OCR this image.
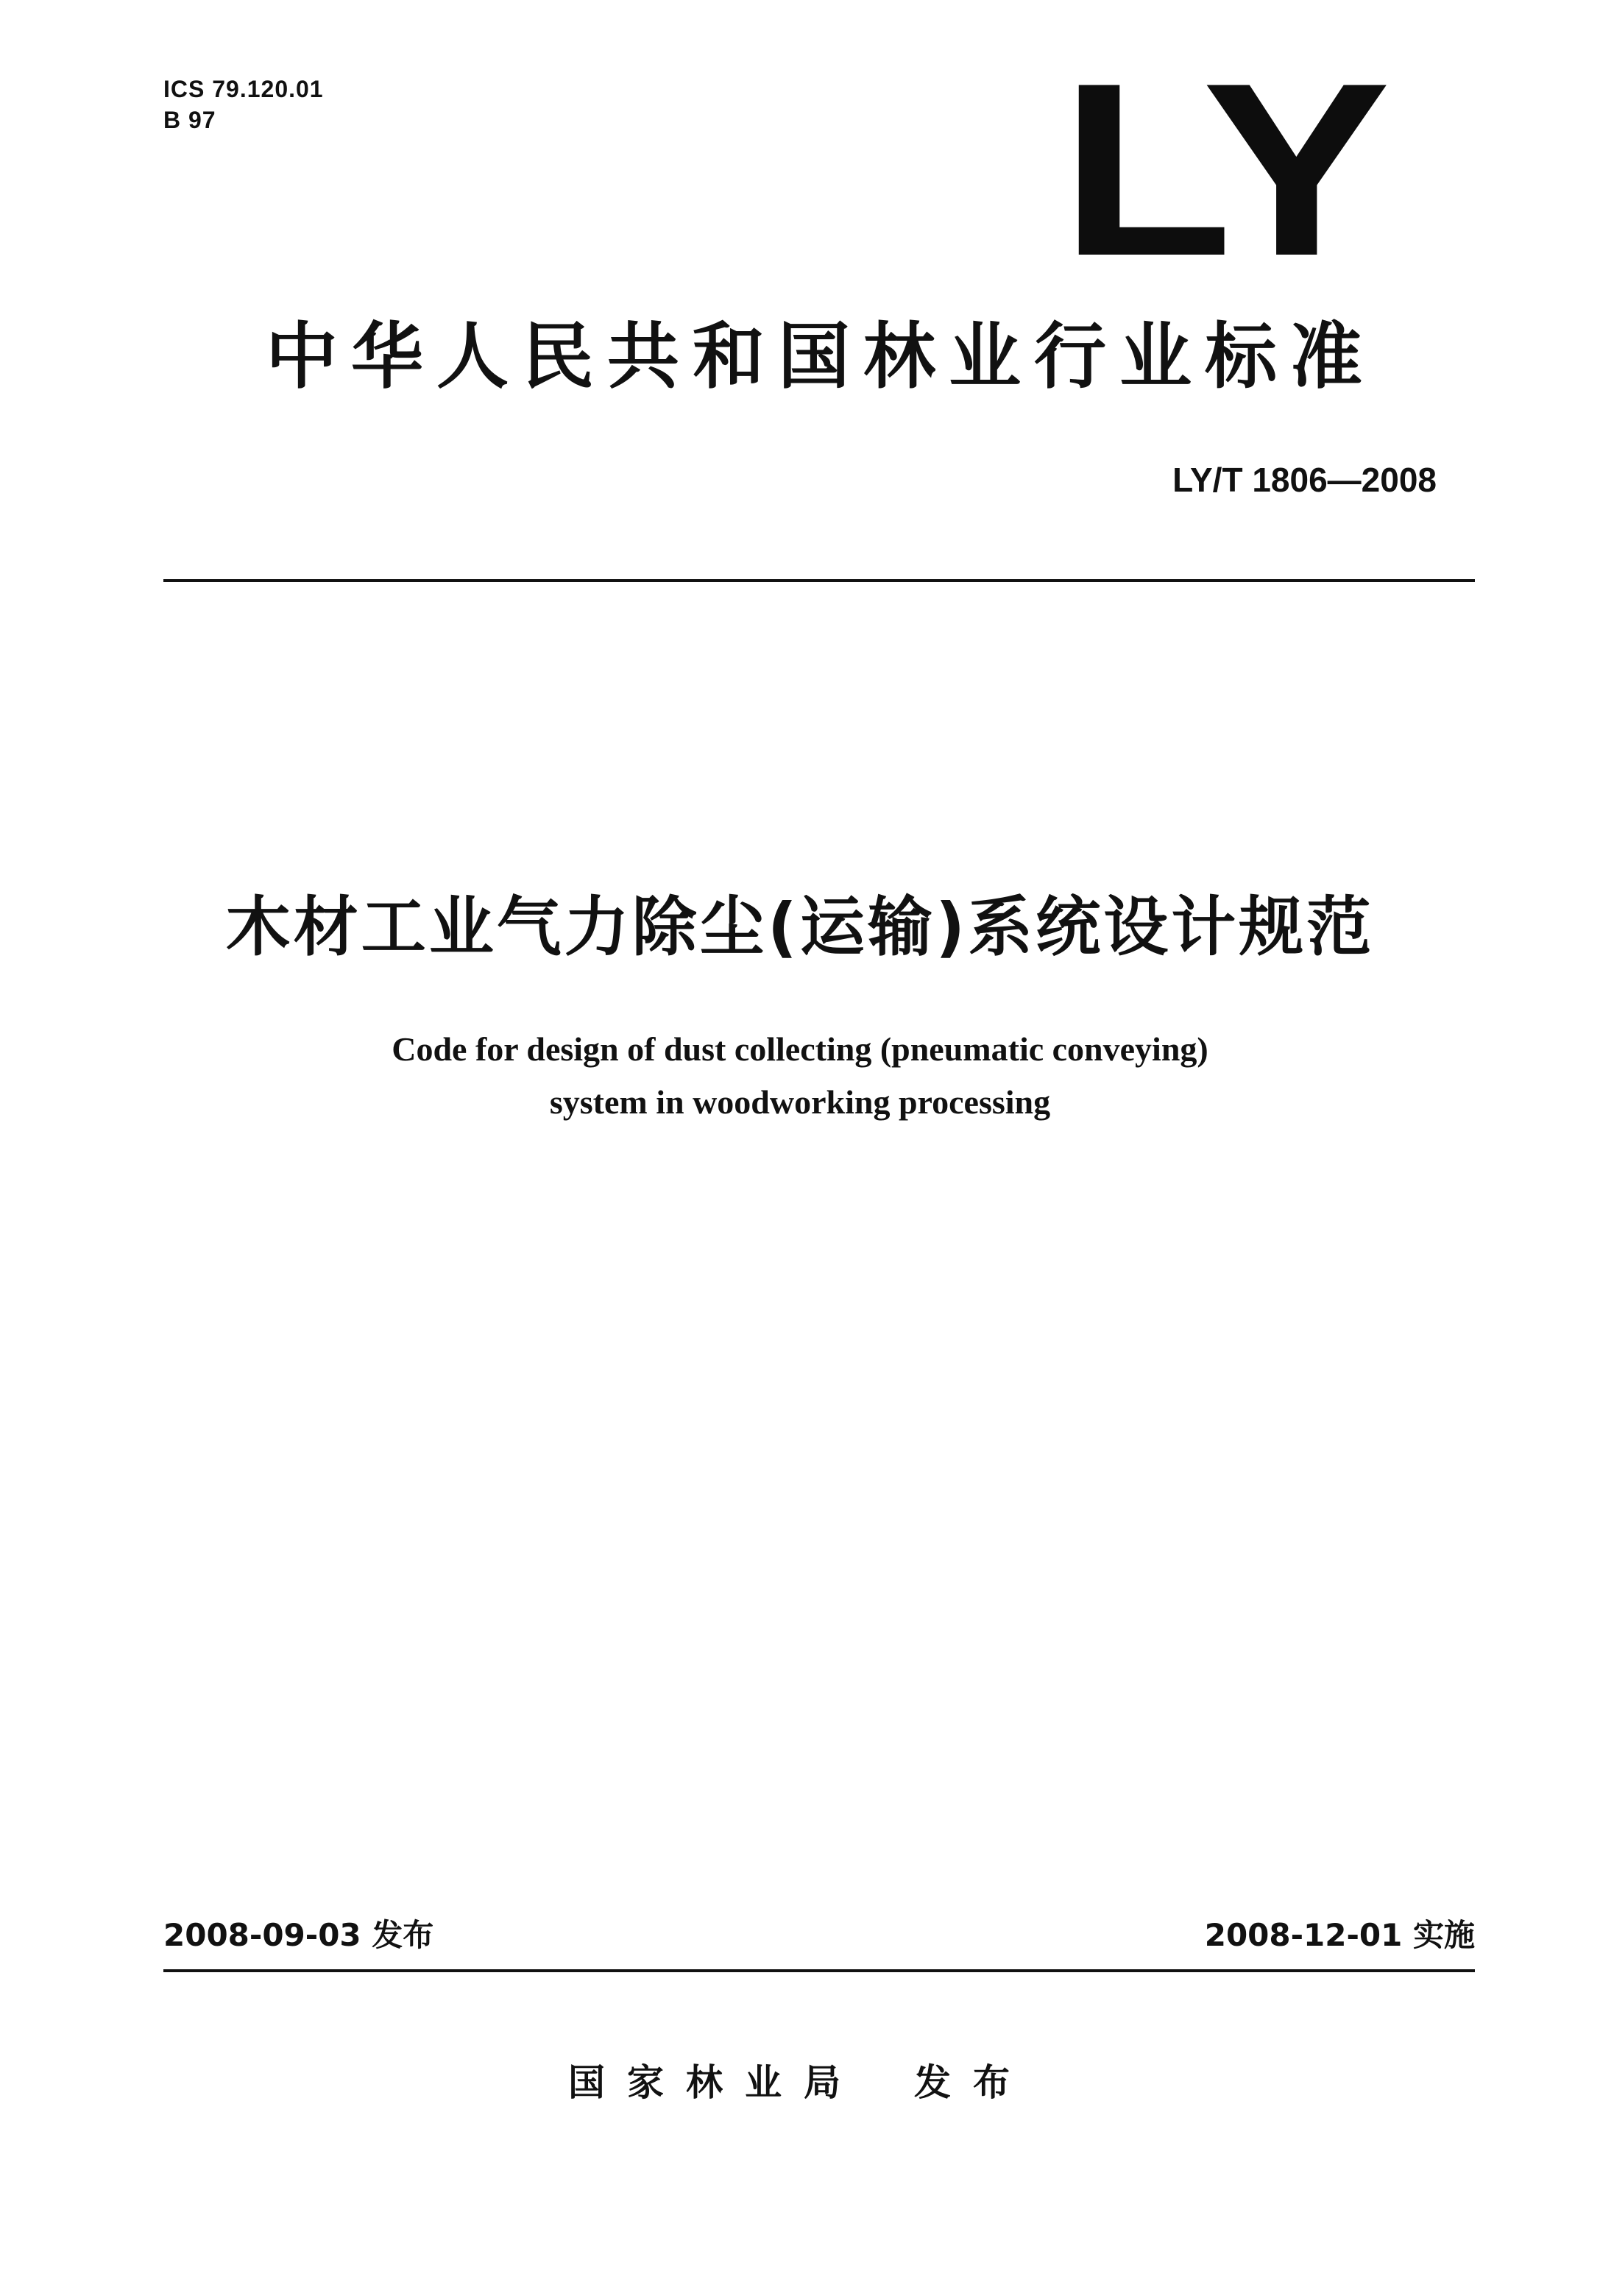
ICS 79.120.01
B 97	LY
中华人民共和国林业行业标准
LY/T 1806—2008
木材工业气力除尘(运输)系统设计规范
Code for design of dust collecting (pneumatic conveying)
system in woodworking processing
2008-09-03 发布	2008-12-01 实施
国家林业局 发布
